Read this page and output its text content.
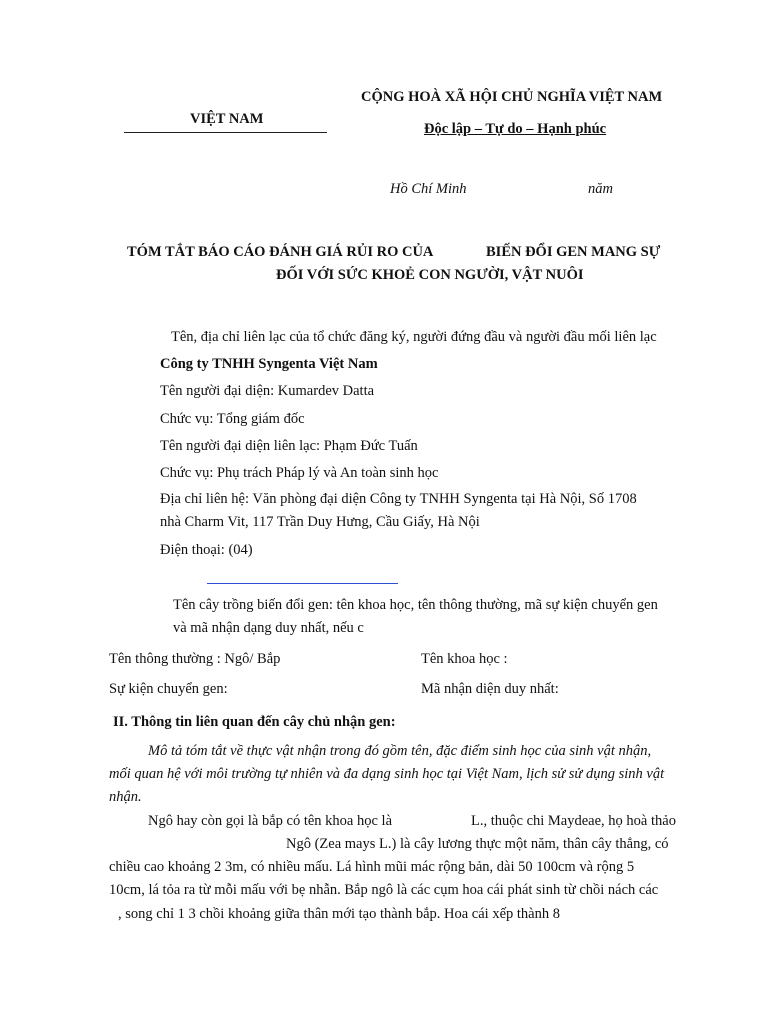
VIỆT NAM
CỘNG HOÀ XÃ HỘI CHỦ NGHĨA VIỆT NAM
Độc lập – Tự do – Hạnh phúc
Hồ Chí Minh	năm
TÓM TẮT BÁO CÁO ĐÁNH GIÁ RỦI RO CỦA	BIẾN ĐỔI GEN MANG SỰ
ĐỐI VỚI SỨC KHOẺ CON NGƯỜI, VẬT NUÔI
Tên, địa chỉ liên lạc của tổ chức đăng ký, người đứng đầu và người đầu mối liên lạc
Công ty TNHH Syngenta Việt Nam
Tên người đại diện: Kumardev Datta
Chức vụ: Tổng giám đốc
Tên người đại diện liên lạc: Phạm Đức Tuấn
Chức vụ: Phụ trách Pháp lý và An toàn sinh học
Địa chỉ liên hệ: Văn phòng đại diện Công ty TNHH Syngenta tại Hà Nội, Số 1708
nhà Charm Vit, 117 Trần Duy Hưng, Cầu Giấy, Hà Nội
Điện thoại: (04)
Tên cây trồng biến đổi gen: tên khoa học, tên thông thường, mã sự kiện chuyển gen
và mã nhận dạng duy nhất, nếu c
Tên thông thường : Ngô/ Bắp	Tên khoa học :
Sự kiện chuyển gen:	Mã nhận diện duy nhất:
II. Thông tin liên quan đến cây chủ nhận gen:
Mô tả tóm tắt về thực vật nhận trong đó gồm tên, đặc điểm sinh học của sinh vật nhận,
mối quan hệ với môi trường tự nhiên và đa dạng sinh học tại Việt Nam, lịch sử sử dụng sinh vật
nhận.
Ngô hay còn gọi là bắp có tên khoa học là	L., thuộc chi Maydeae, họ hoà thảo
Ngô (Zea mays L.) là cây lương thực một năm, thân cây thẳng, có
chiều cao khoảng 2 3m, có nhiều mấu. Lá hình mũi mác rộng bản, dài 50 100cm và rộng 5
10cm, lá tỏa ra từ mỗi mấu với bẹ nhẫn. Bắp ngô là các cụm hoa cái phát sinh từ chồi nách các
, song chỉ 1 3 chồi khoảng giữa thân mới tạo thành bắp. Hoa cái xếp thành 8
